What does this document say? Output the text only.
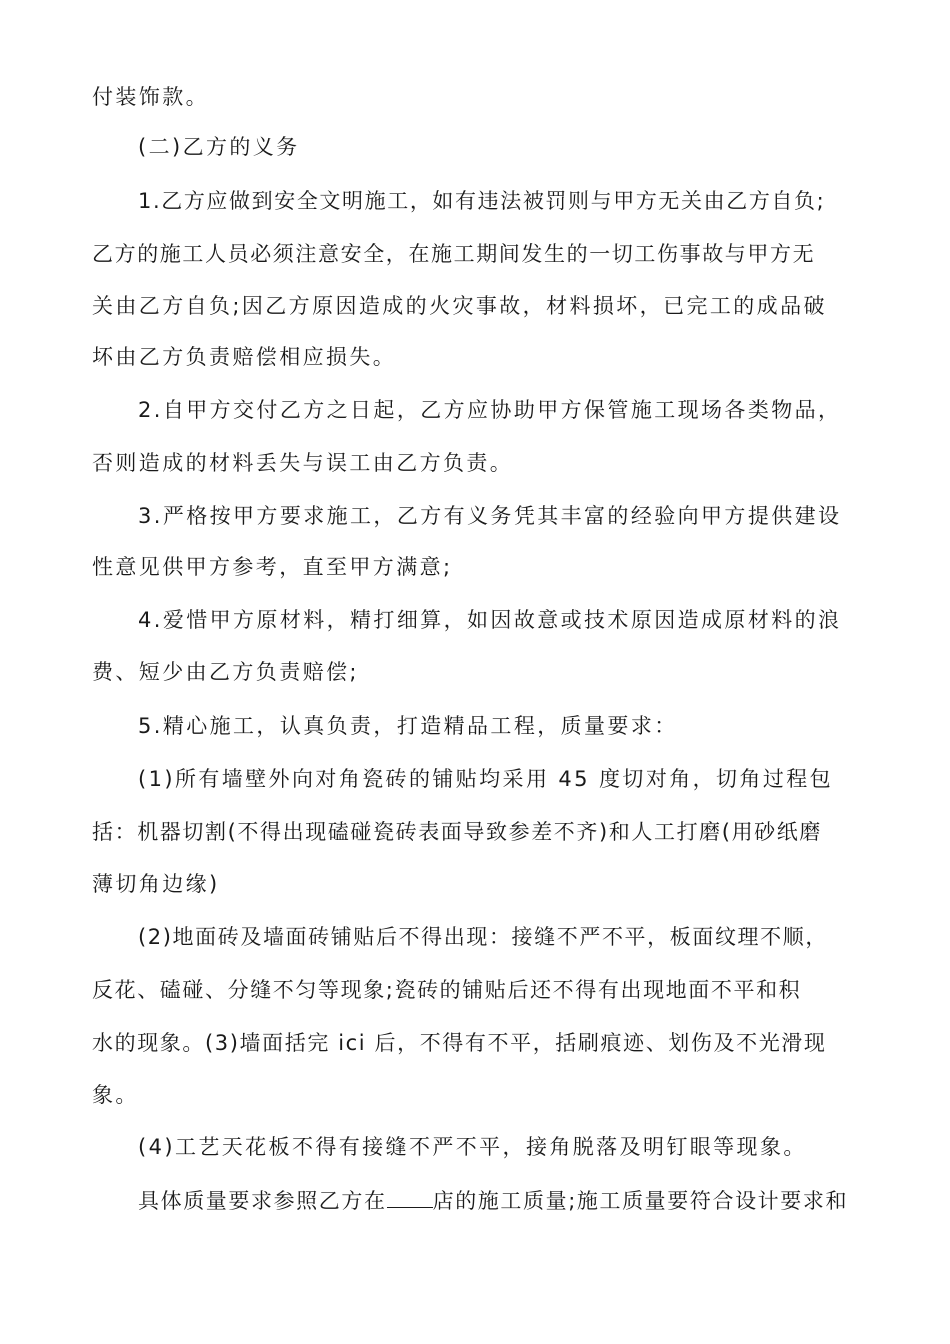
付装饰款。
(二)乙方的义务
1.乙方应做到安全文明施工，如有违法被罚则与甲方无关由乙方自负;
乙方的施工人员必须注意安全，在施工期间发生的一切工伤事故与甲方无
关由乙方自负;因乙方原因造成的火灾事故，材料损坏，已完工的成品破
坏由乙方负责赔偿相应损失。
2.自甲方交付乙方之日起，乙方应协助甲方保管施工现场各类物品，
否则造成的材料丢失与误工由乙方负责。
3.严格按甲方要求施工，乙方有义务凭其丰富的经验向甲方提供建设
性意见供甲方参考，直至甲方满意;
4.爱惜甲方原材料，精打细算，如因故意或技术原因造成原材料的浪
费、短少由乙方负责赔偿;
5.精心施工，认真负责，打造精品工程，质量要求：
(1)所有墙壁外向对角瓷砖的铺贴均采用 45 度切对角，切角过程包
括：机器切割(不得出现磕碰瓷砖表面导致参差不齐)和人工打磨(用砂纸磨
薄切角边缘)
(2)地面砖及墙面砖铺贴后不得出现：接缝不严不平，板面纹理不顺，
反花、磕碰、分缝不匀等现象;瓷砖的铺贴后还不得有出现地面不平和积
水的现象。(3)墙面括完 ici 后，不得有不平，括刷痕迹、划伤及不光滑现
象。
(4)工艺天花板不得有接缝不严不平，接角脱落及明钉眼等现象。
具体质量要求参照乙方在 店的施工质量;施工质量要符合设计要求和
